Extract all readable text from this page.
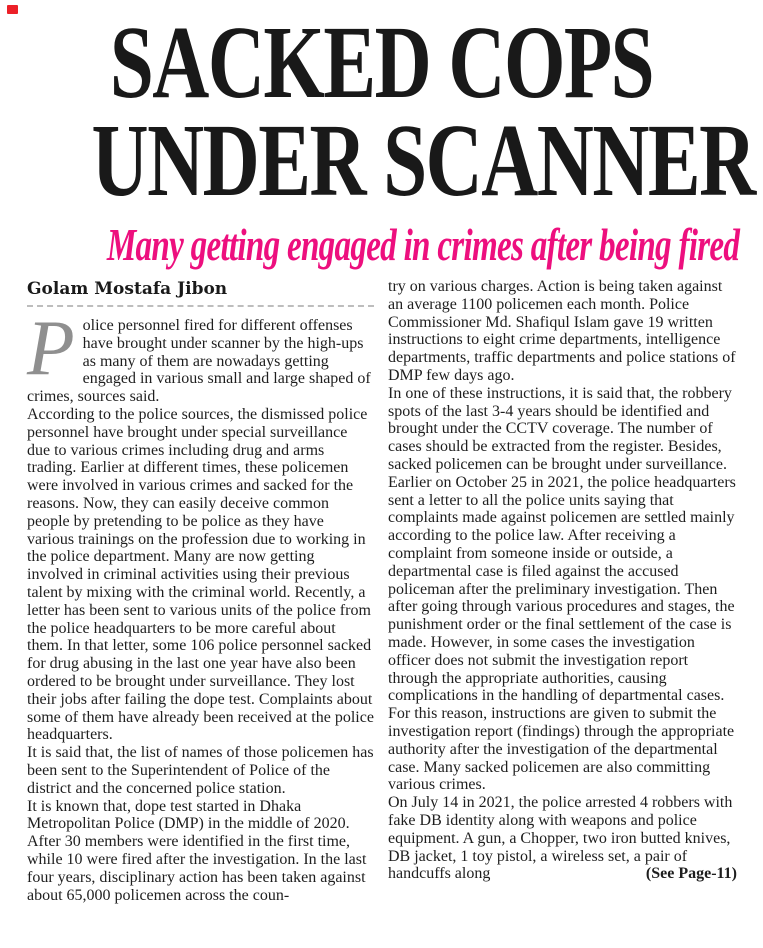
SACKED COPS
UNDER SCANNER
Many getting engaged in crimes after being fired
Golam Mostafa Jibon

Police personnel fired for different offenses have brought under scanner by the high-ups as many of them are nowadays getting engaged in various small and large shaped of crimes, sources said.

According to the police sources, the dismissed police personnel have brought under special surveillance due to various crimes including drug and arms trading. Earlier at different times, these policemen were involved in various crimes and sacked for the reasons. Now, they can easily deceive common people by pretending to be police as they have various trainings on the profession due to working in the police department. Many are now getting involved in criminal activities using their previous talent by mixing with the criminal world. Recently, a letter has been sent to various units of the police from the police headquarters to be more careful about them. In that letter, some 106 police personnel sacked for drug abusing in the last one year have also been ordered to be brought under surveillance. They lost their jobs after failing the dope test. Complaints about some of them have already been received at the police headquarters.

It is said that, the list of names of those policemen has been sent to the Superintendent of Police of the district and the concerned police station.

It is known that, dope test started in Dhaka Metropolitan Police (DMP) in the middle of 2020. After 30 members were identified in the first time, while 10 were fired after the investigation. In the last four years, disciplinary action has been taken against about 65,000 policemen across the coun-

try on various charges. Action is being taken against an average 1100 policemen each month. Police Commissioner Md. Shafiqul Islam gave 19 written instructions to eight crime departments, intelligence departments, traffic departments and police stations of DMP few days ago.

In one of these instructions, it is said that, the robbery spots of the last 3-4 years should be identified and brought under the CCTV coverage. The number of cases should be extracted from the register. Besides, sacked policemen can be brought under surveillance.

Earlier on October 25 in 2021, the police headquarters sent a letter to all the police units saying that complaints made against policemen are settled mainly according to the police law. After receiving a complaint from someone inside or outside, a departmental case is filed against the accused policeman after the preliminary investigation. Then after going through various procedures and stages, the punishment order or the final settlement of the case is made. However, in some cases the investigation officer does not submit the investigation report through the appropriate authorities, causing complications in the handling of departmental cases. For this reason, instructions are given to submit the investigation report (findings) through the appropriate authority after the investigation of the departmental case. Many sacked policemen are also committing various crimes.

On July 14 in 2021, the police arrested 4 robbers with fake DB identity along with weapons and police equipment. A gun, a Chopper, two iron butted knives, DB jacket, 1 toy pistol, a wireless set, a pair of handcuffs along	(See Page-11)
